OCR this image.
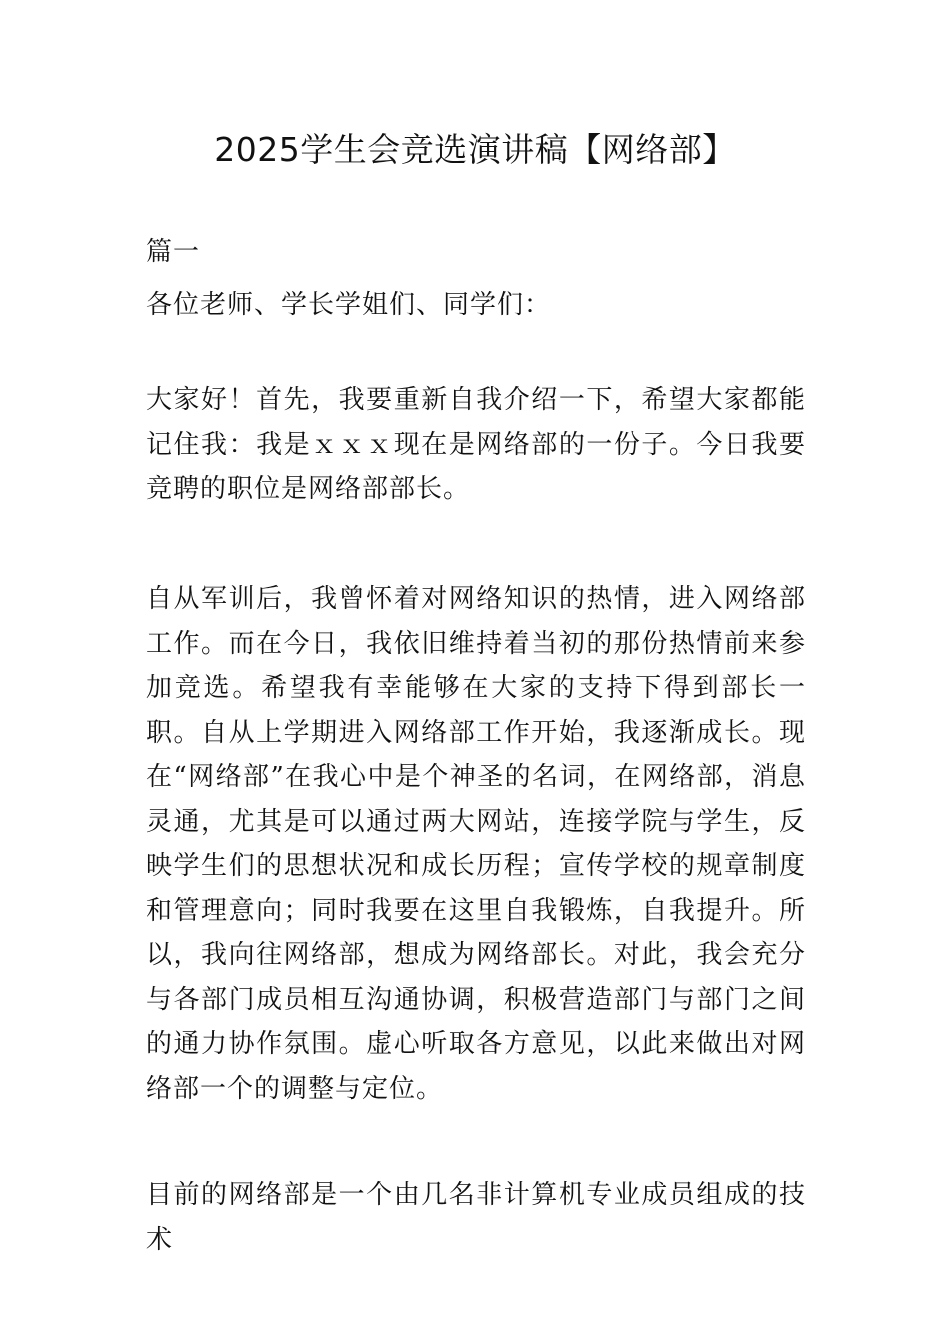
2025学生会竞选演讲稿【网络部】
篇一
各位老师、学长学姐们、同学们：
大家好！首先，我要重新自我介绍一下，希望大家都能记住我：我是ｘｘｘ现在是网络部的一份子。今日我要竞聘的职位是网络部部长。
自从军训后，我曾怀着对网络知识的热情，进入网络部工作。而在今日，我依旧维持着当初的那份热情前来参加竞选。希望我有幸能够在大家的支持下得到部长一职。自从上学期进入网络部工作开始，我逐渐成长。现在“网络部”在我心中是个神圣的名词，在网络部，消息灵通，尤其是可以通过两大网站，连接学院与学生，反映学生们的思想状况和成长历程；宣传学校的规章制度和管理意向；同时我要在这里自我锻炼，自我提升。所以，我向往网络部，想成为网络部长。对此，我会充分与各部门成员相互沟通协调，积极营造部门与部门之间的通力协作氛围。虚心听取各方意见，以此来做出对网络部一个的调整与定位。
目前的网络部是一个由几名非计算机专业成员组成的技术
